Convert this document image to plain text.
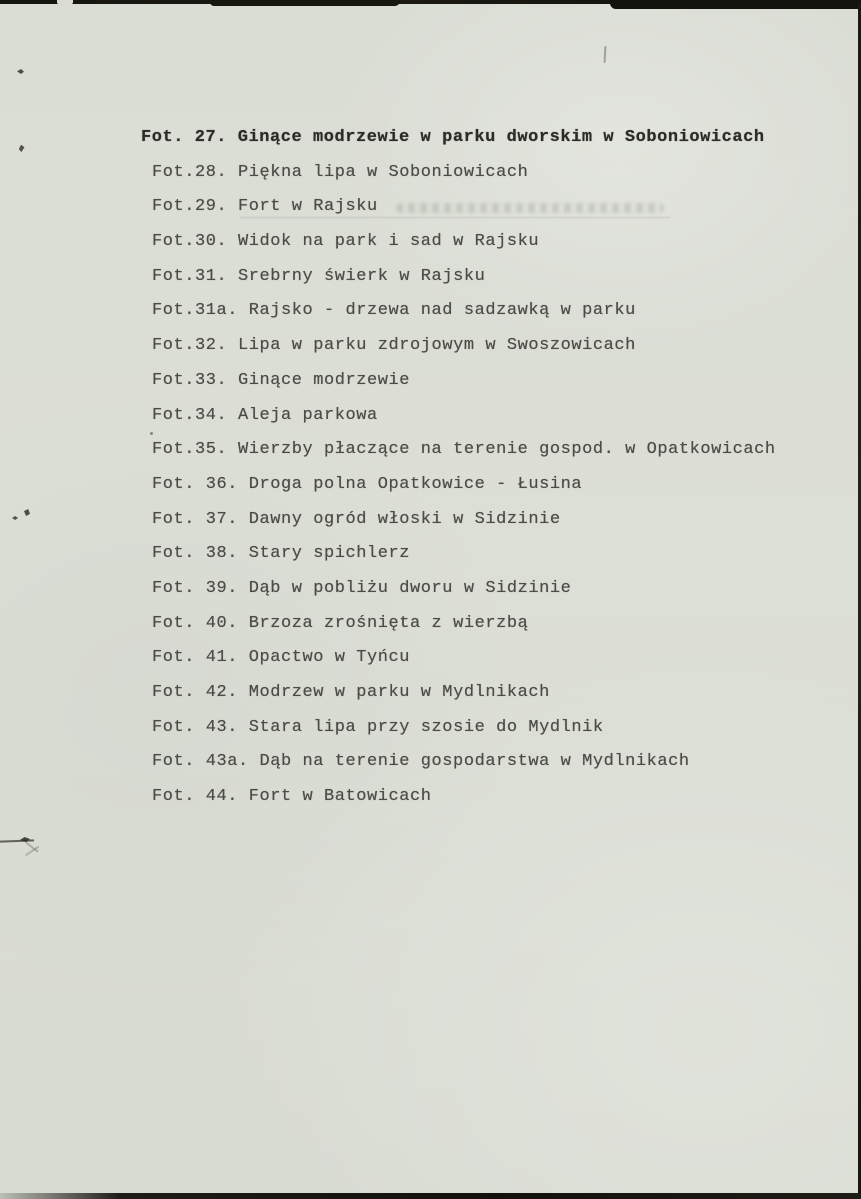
Fot. 27. Ginące modrzewie w parku dworskim w Soboniowicach
Fot.28. Piękna lipa w Soboniowicach
Fot.29. Fort w Rajsku
Fot.30. Widok na park i sad w Rajsku
Fot.31. Srebrny świerk w Rajsku
Fot.31a. Rajsko - drzewa nad sadzawką w parku
Fot.32. Lipa w parku zdrojowym w Swoszowicach
Fot.33. Ginące modrzewie
Fot.34. Aleja parkowa
Fot.35. Wierzby płaczące na terenie gospod. w Opatkowicach
Fot. 36. Droga polna Opatkowice - Łusina
Fot. 37. Dawny ogród włoski w Sidzinie
Fot. 38. Stary spichlerz
Fot. 39. Dąb w pobliżu dworu w Sidzinie
Fot. 40. Brzoza zrośnięta z wierzbą
Fot. 41. Opactwo w Tyńcu
Fot. 42. Modrzew w parku w Mydlnikach
Fot. 43. Stara lipa przy szosie do Mydlnik
Fot. 43a. Dąb na terenie gospodarstwa w Mydlnikach
Fot. 44. Fort w Batowicach
